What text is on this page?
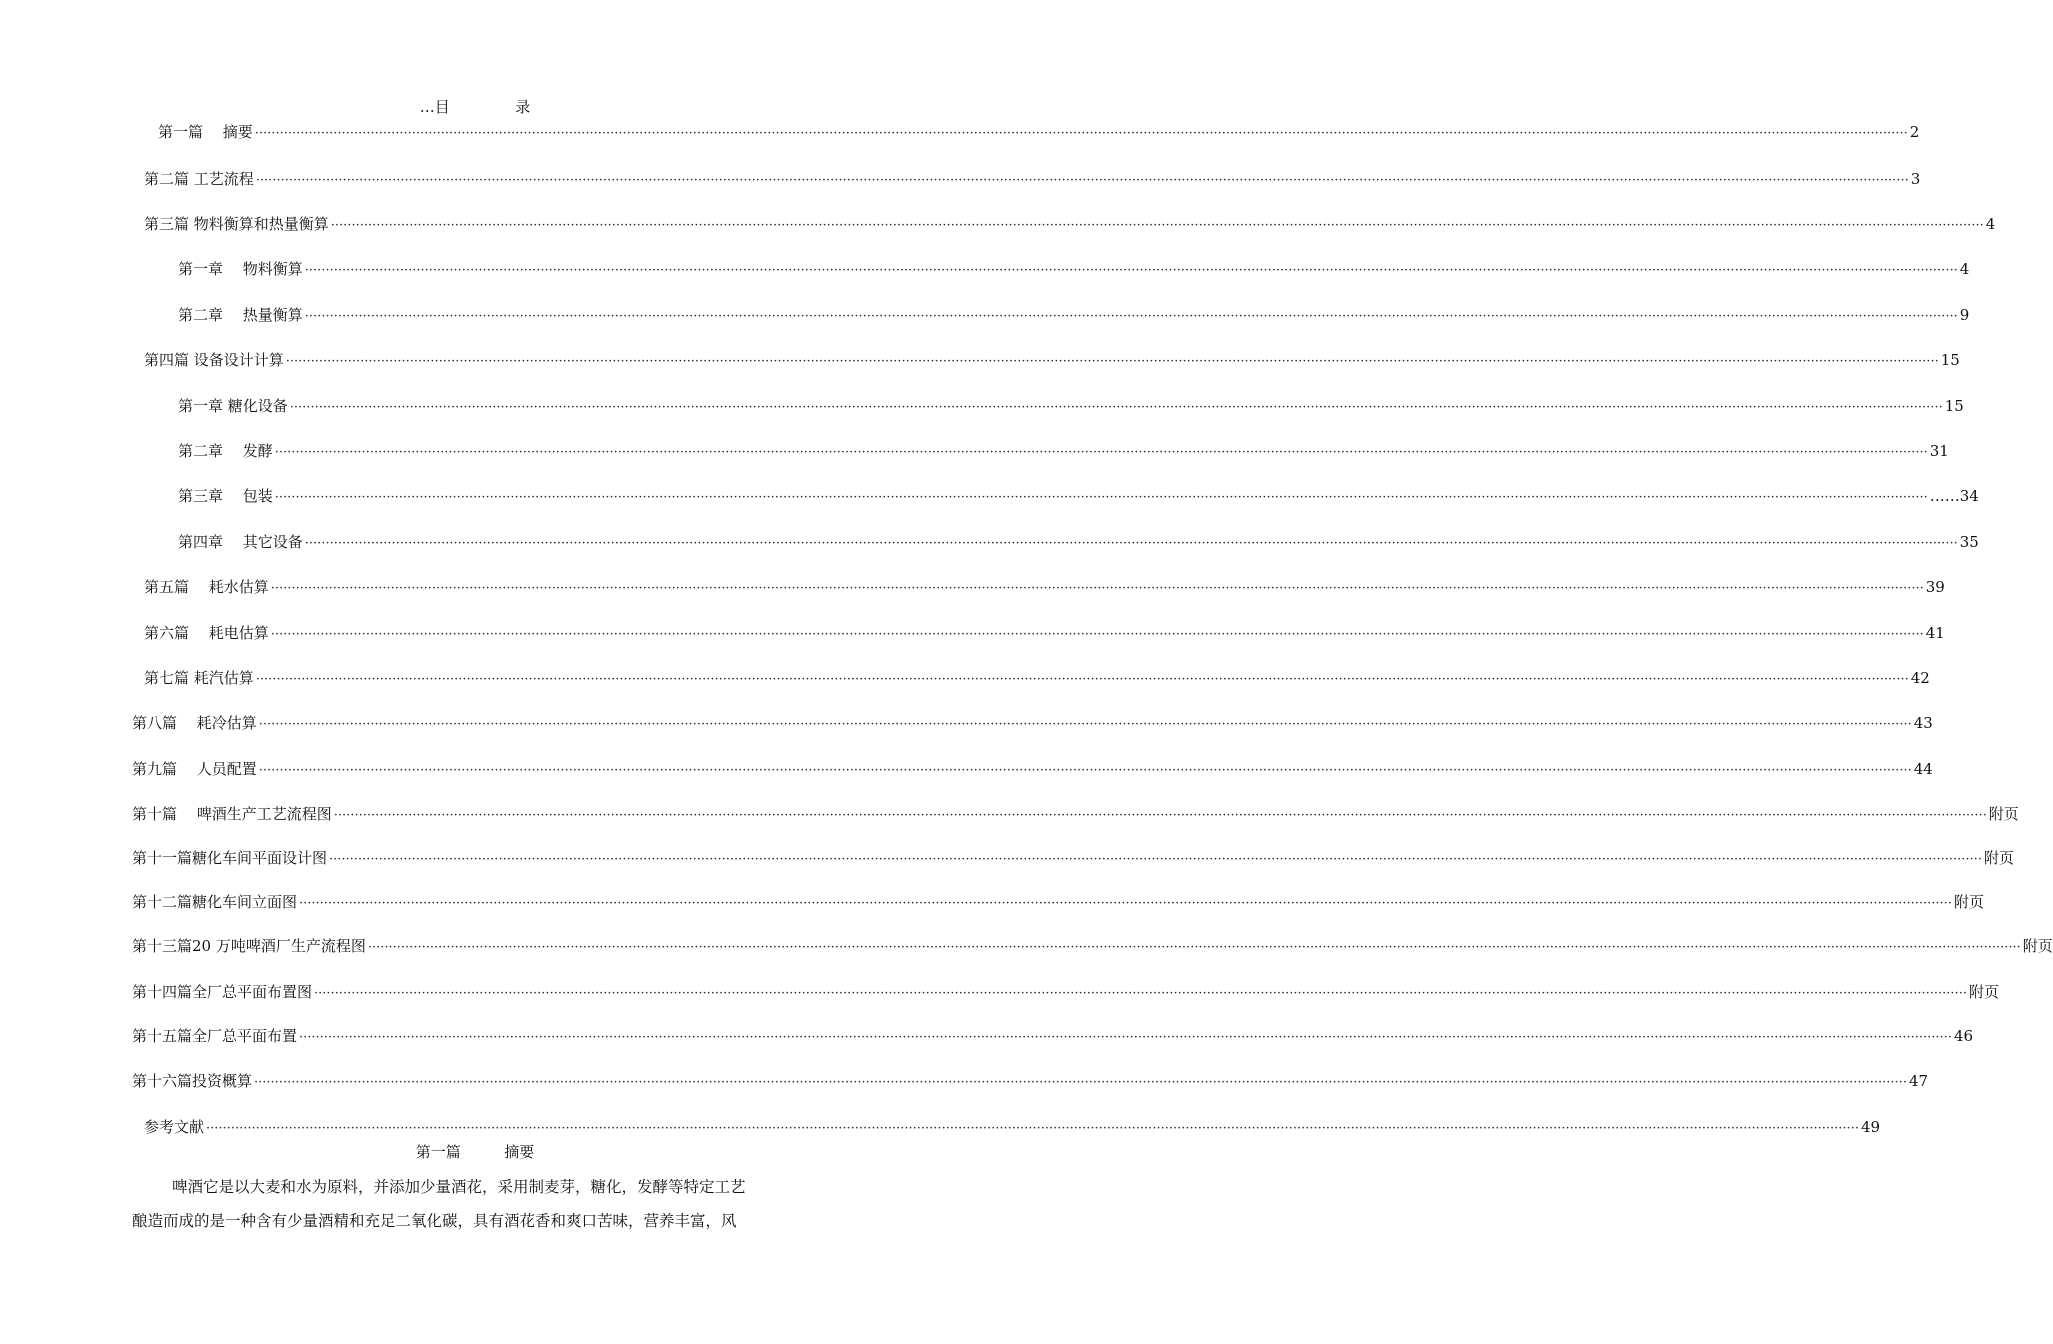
…目	录
第一篇　 摘要 ················································································································································································································································································································································································································ 2
第二篇 工艺流程 ················································································································································································································································································································································································································ 3
第三篇 物料衡算和热量衡算 ················································································································································································································································································································································································································ 4
第一章　 物料衡算 ················································································································································································································································································································································································································ 4
第二章　 热量衡算 ················································································································································································································································································································································································································ 9
第四篇 设备设计计算 ················································································································································································································································································································································································································ 15
第一章 糖化设备 ················································································································································································································································································································································································································ 15
第二章　 发酵 ················································································································································································································································································································································································································ 31
第三章　 包装 ················································································································································································································································································································································································································ ……34
第四章　 其它设备 ················································································································································································································································································································································································································ 35
第五篇　 耗水估算 ················································································································································································································································································································································································································ 39
第六篇　 耗电估算 ················································································································································································································································································································································································································ 41
第七篇 耗汽估算 ················································································································································································································································································································································································································ 42
第八篇　 耗冷估算 ················································································································································································································································································································································································································ 43
第九篇　 人员配置 ················································································································································································································································································································································································································ 44
第十篇　 啤酒生产工艺流程图 ················································································································································································································································································································································································································ 附页
第十一篇糖化车间平面设计图 ················································································································································································································································································································································································································ 附页
第十二篇糖化车间立面图 ················································································································································································································································································································································································································ 附页
第十三篇20 万吨啤酒厂生产流程图 ················································································································································································································································································································································································································ 附页
第十四篇全厂总平面布置图 ················································································································································································································································································································································································································ 附页
第十五篇全厂总平面布置 ················································································································································································································································································································································································································ 46
第十六篇投资概算 ················································································································································································································································································································································································································ 47
参考文献 ················································································································································································································································································································································································································ 49
第一篇	摘要
啤酒它是以大麦和水为原料，并添加少量酒花，采用制麦芽，糖化，发酵等特定工艺
酿造而成的是一种含有少量酒精和充足二氧化碳，具有酒花香和爽口苦味，营养丰富，风
